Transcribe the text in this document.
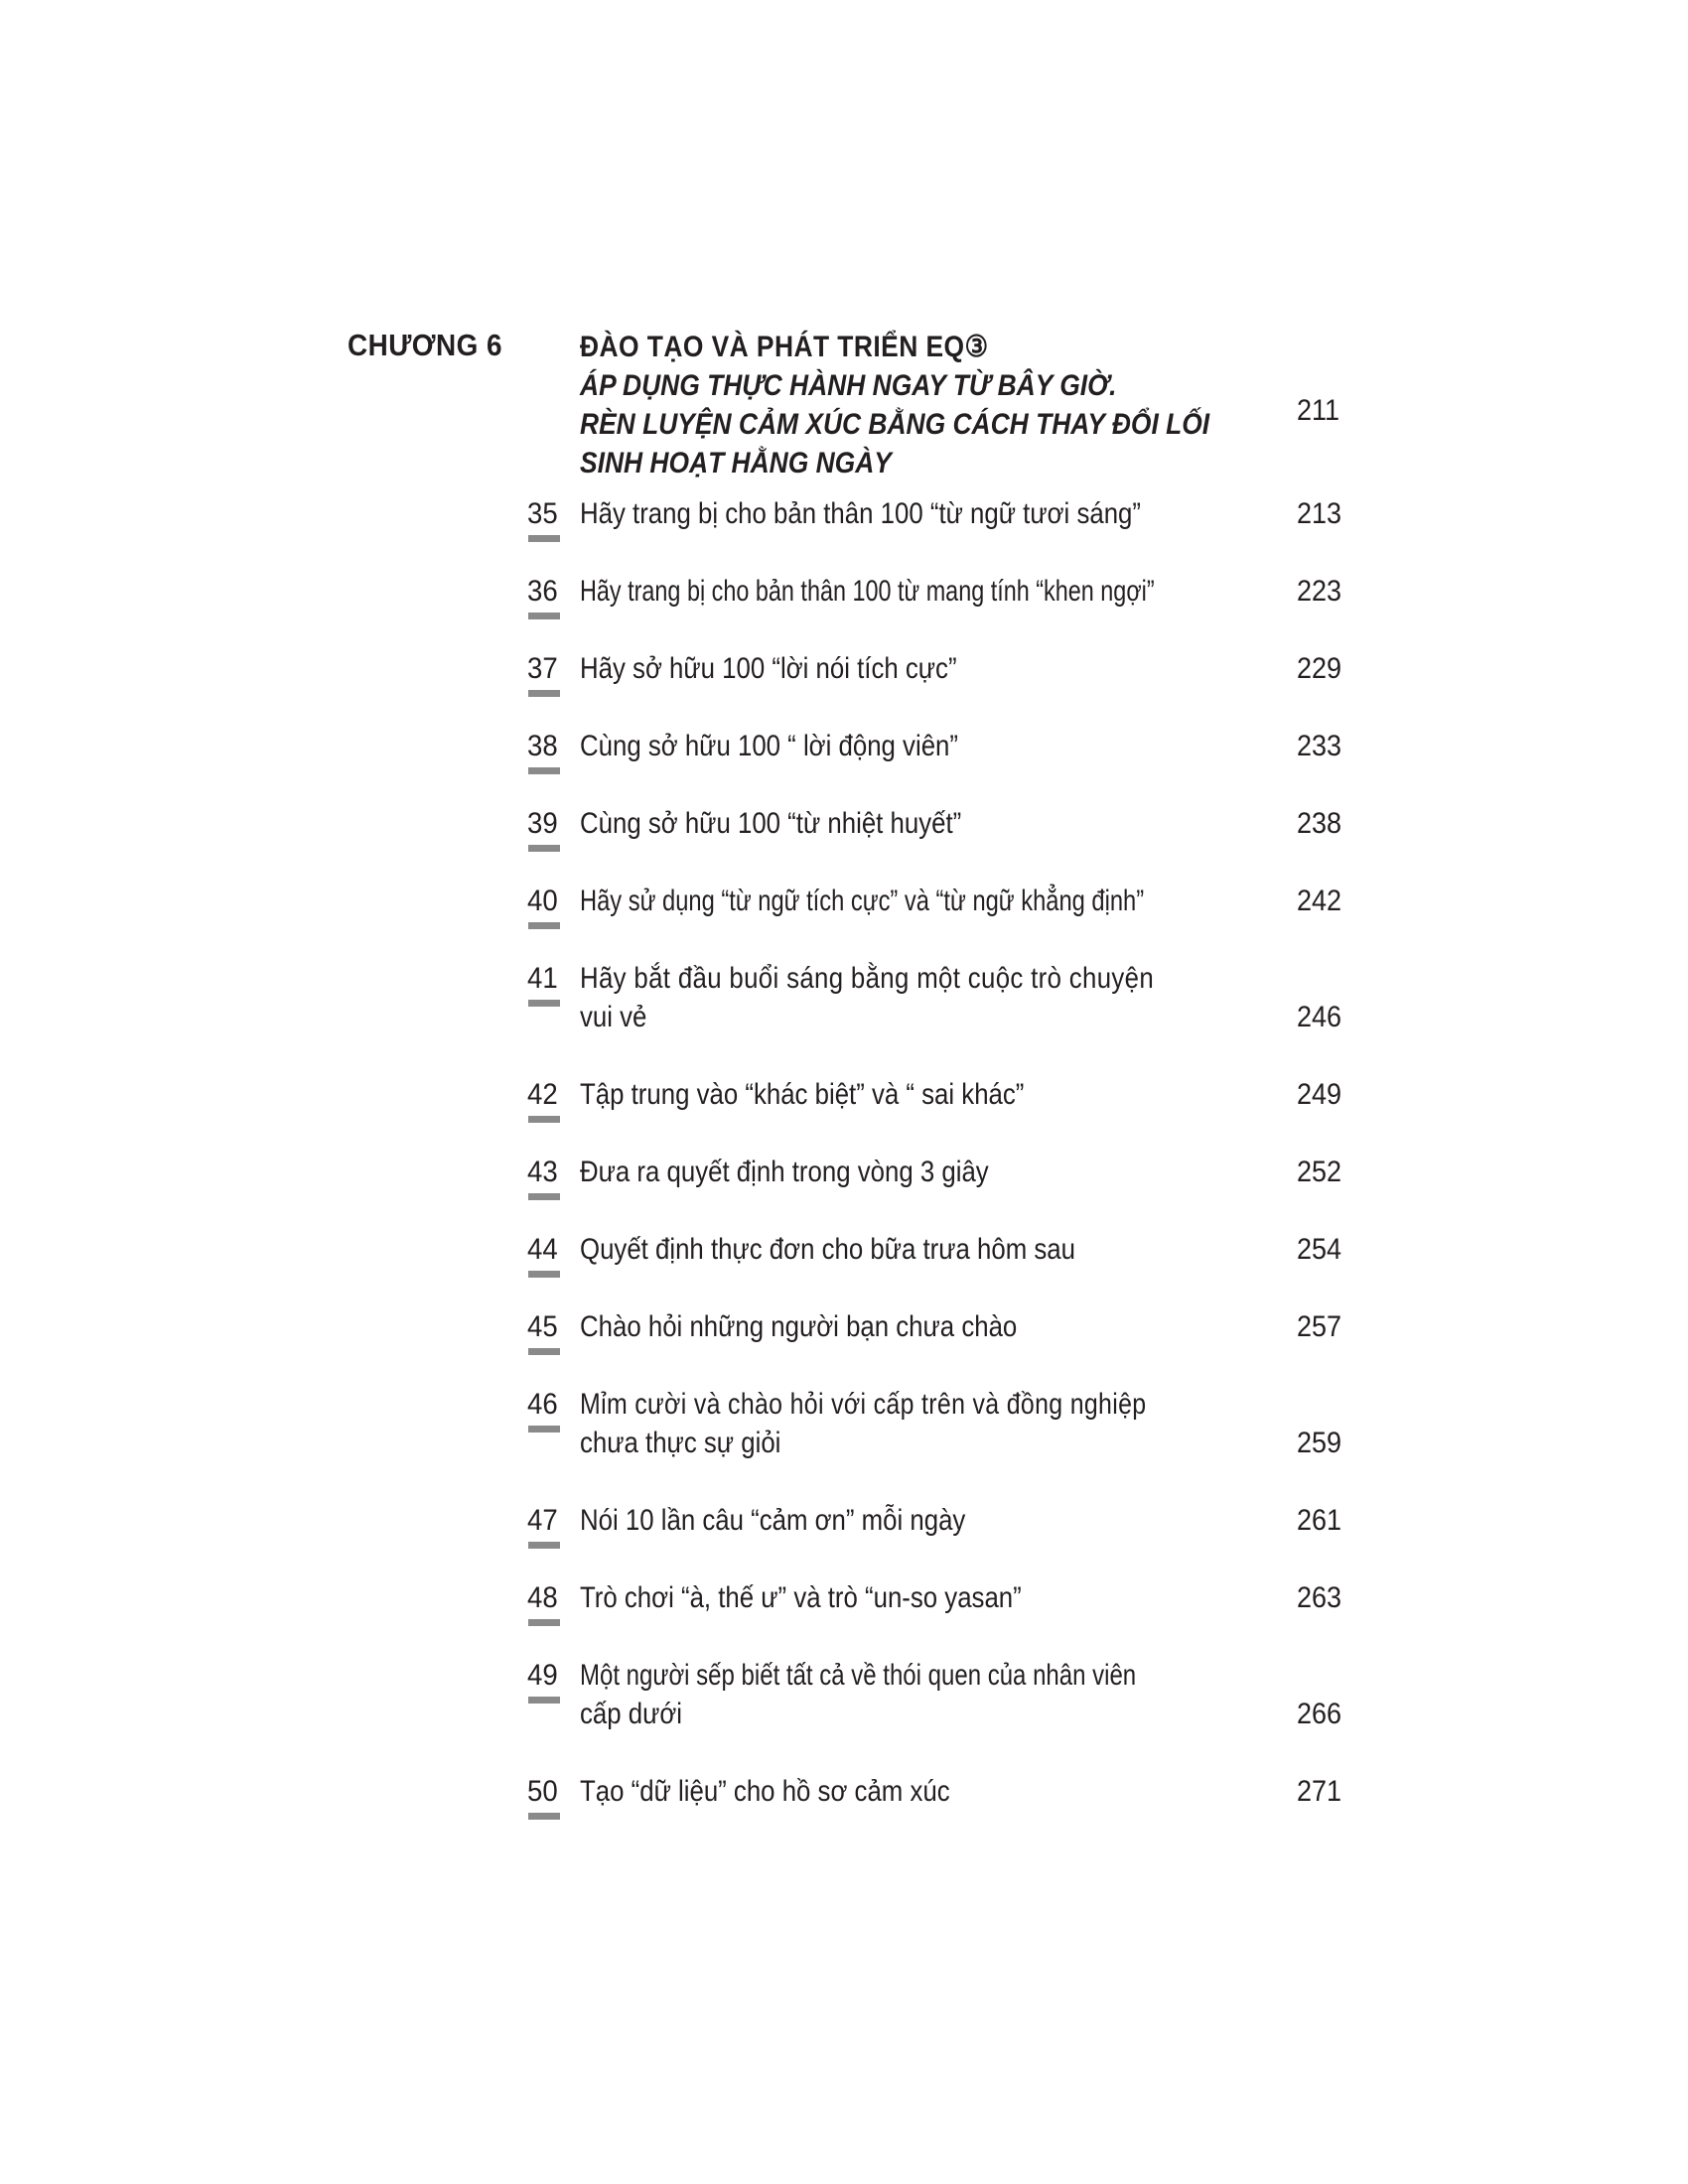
CHƯƠNG 6	ĐÀO TẠO VÀ PHÁT TRIỂN EQ③
ÁP DỤNG THỰC HÀNH NGAY TỪ BÂY GIỜ.
RÈN LUYỆN CẢM XÚC BẰNG CÁCH THAY ĐỔI LỐI
SINH HOẠT HẰNG NGÀY
211
35 Hãy trang bị cho bản thân 100 “từ ngữ tươi sáng”	213
36 Hãy trang bị cho bản thân 100 từ mang tính “khen ngợi”	223
37 Hãy sở hữu 100 “lời nói tích cực”	229
38 Cùng sở hữu 100 “ lời động viên”	233
39 Cùng sở hữu 100 “từ nhiệt huyết”	238
40 Hãy sử dụng “từ ngữ tích cực” và “từ ngữ khẳng định”	242
41 Hãy bắt đầu buổi sáng bằng một cuộc trò chuyện
vui vẻ	246
42 Tập trung vào “khác biệt” và “ sai khác”	249
43 Đưa ra quyết định trong vòng 3 giây	252
44 Quyết định thực đơn cho bữa trưa hôm sau	254
45 Chào hỏi những người bạn chưa chào	257
46 Mỉm cười và chào hỏi với cấp trên và đồng nghiệp
chưa thực sự giỏi	259
47 Nói 10 lần câu “cảm ơn” mỗi ngày	261
48 Trò chơi “à, thế ư” và trò “un-so yasan”	263
49 Một người sếp biết tất cả về thói quen của nhân viên
cấp dưới	266
50 Tạo “dữ liệu” cho hồ sơ cảm xúc	271
